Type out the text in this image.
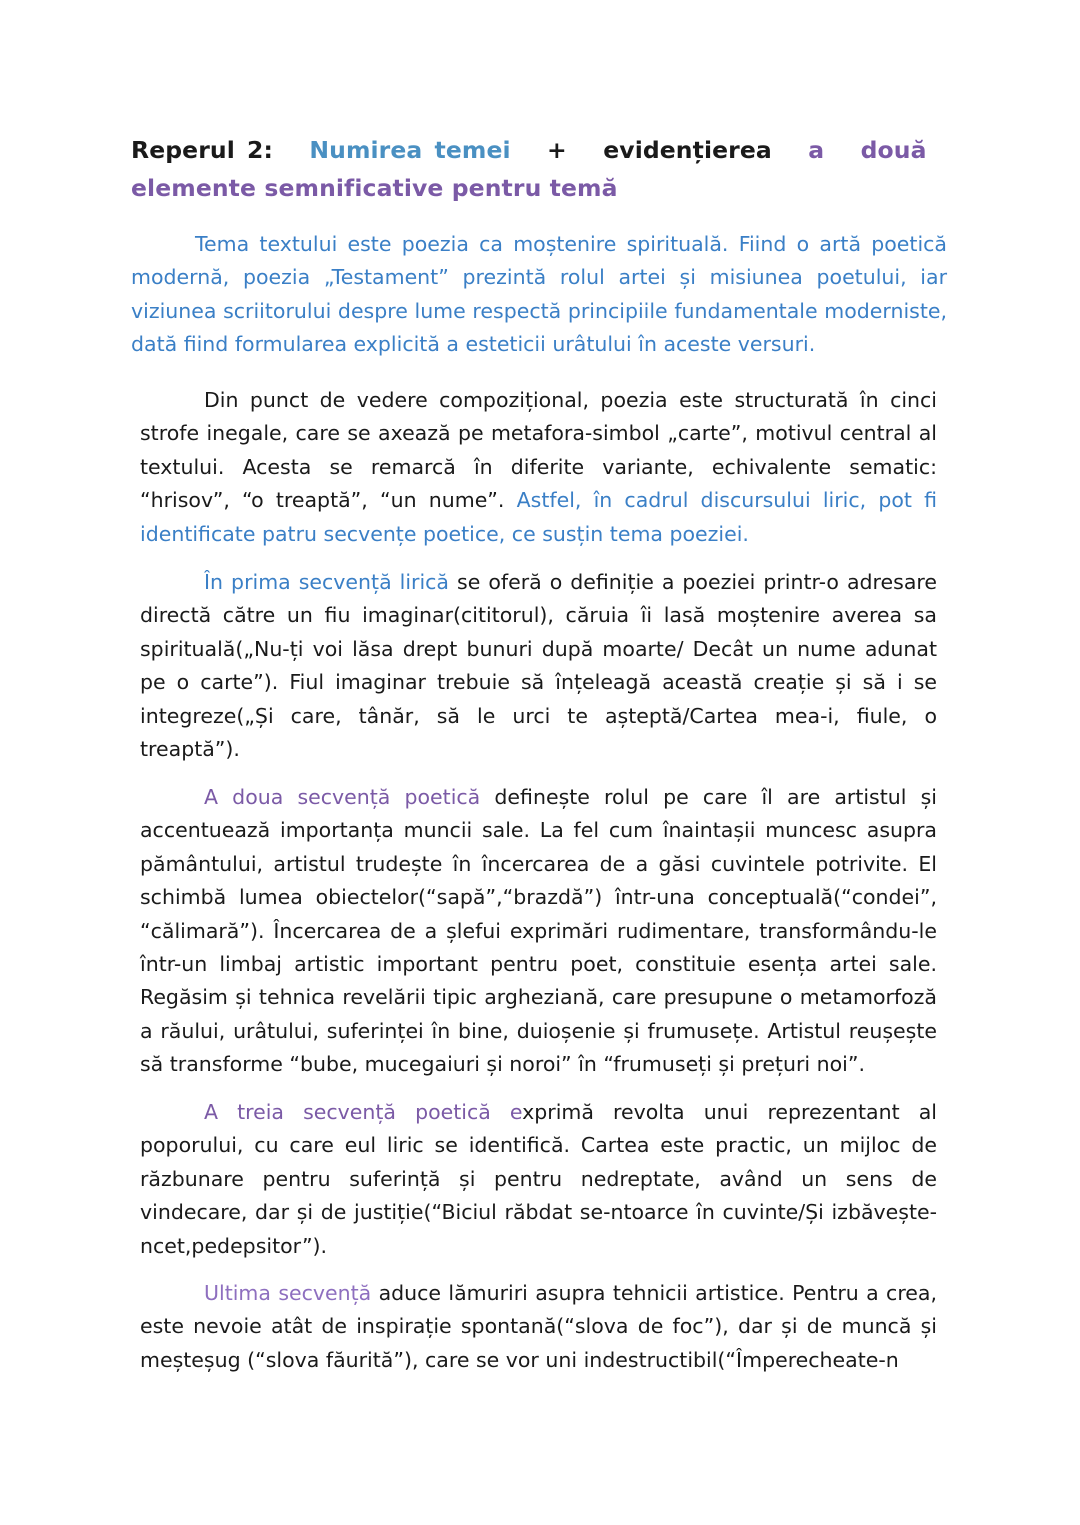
Reperul 2: Numirea temei + evidențierea a două   elemente semnificative pentru temă

Tema textului este poezia ca moștenire spirituală. Fiind o artă poetică modernă, poezia „Testament” prezintă rolul artei și misiunea poetului, iar viziunea scriitorului despre lume respectă principiile fundamentale moderniste, dată fiind formularea explicită a esteticii urâtului în aceste versuri.

Din punct de vedere compozițional, poezia este structurată în cinci strofe inegale, care se axează pe metafora-simbol „carte”, motivul central al textului. Acesta se remarcă în diferite variante, echivalente sematic: “hrisov”, “o treaptă”, “un nume”. Astfel, în cadrul discursului liric, pot fi identificate patru secvențe poetice, ce susțin tema poeziei.

În prima secvență lirică se oferă o definiție a poeziei printr-o adresare directă către un fiu imaginar(cititorul), căruia îi lasă moștenire averea sa spirituală(„Nu-ți voi lăsa drept bunuri după moarte/ Decât un nume adunat pe o carte”). Fiul imaginar trebuie să înțeleagă această creație și să i se integreze(„Și care, tânăr, să le urci te așteptă/Cartea mea-i, fiule, o treaptă”).

A doua secvență poetică definește rolul pe care îl are artistul și accentuează importanța muncii sale. La fel cum înaintașii muncesc asupra pământului, artistul trudește în încercarea de a găsi cuvintele potrivite. El schimbă lumea obiectelor(“sapă”,“brazdă”) într-una conceptuală(“condei”, “călimară”). Încercarea de a șlefui exprimări rudimentare, transformându-le într-un limbaj artistic important pentru poet, constituie esența artei sale. Regăsim și tehnica revelării tipic argheziană, care presupune o metamorfoză a răului, urâtului, suferinței în bine, duioșenie și frumusețe. Artistul reușește să transforme “bube, mucegaiuri și noroi” în “frumuseți și prețuri noi”.

A treia secvență poetică exprimă revolta unui reprezentant al poporului, cu care eul liric se identifică. Cartea este practic, un mijloc de răzbunare pentru suferință și pentru nedreptate, având un sens de vindecare, dar și de justiție(“Biciul răbdat se-ntoarce în cuvinte/Și izbăvește-ncet,pedepsitor”).

Ultima secvență aduce lămuriri asupra tehnicii artistice. Pentru a crea, este nevoie atât de inspirație spontană(“slova de foc”), dar și de muncă și meșteșug (“slova făurită”), care se vor uni indestructibil(“Împerecheate-n
